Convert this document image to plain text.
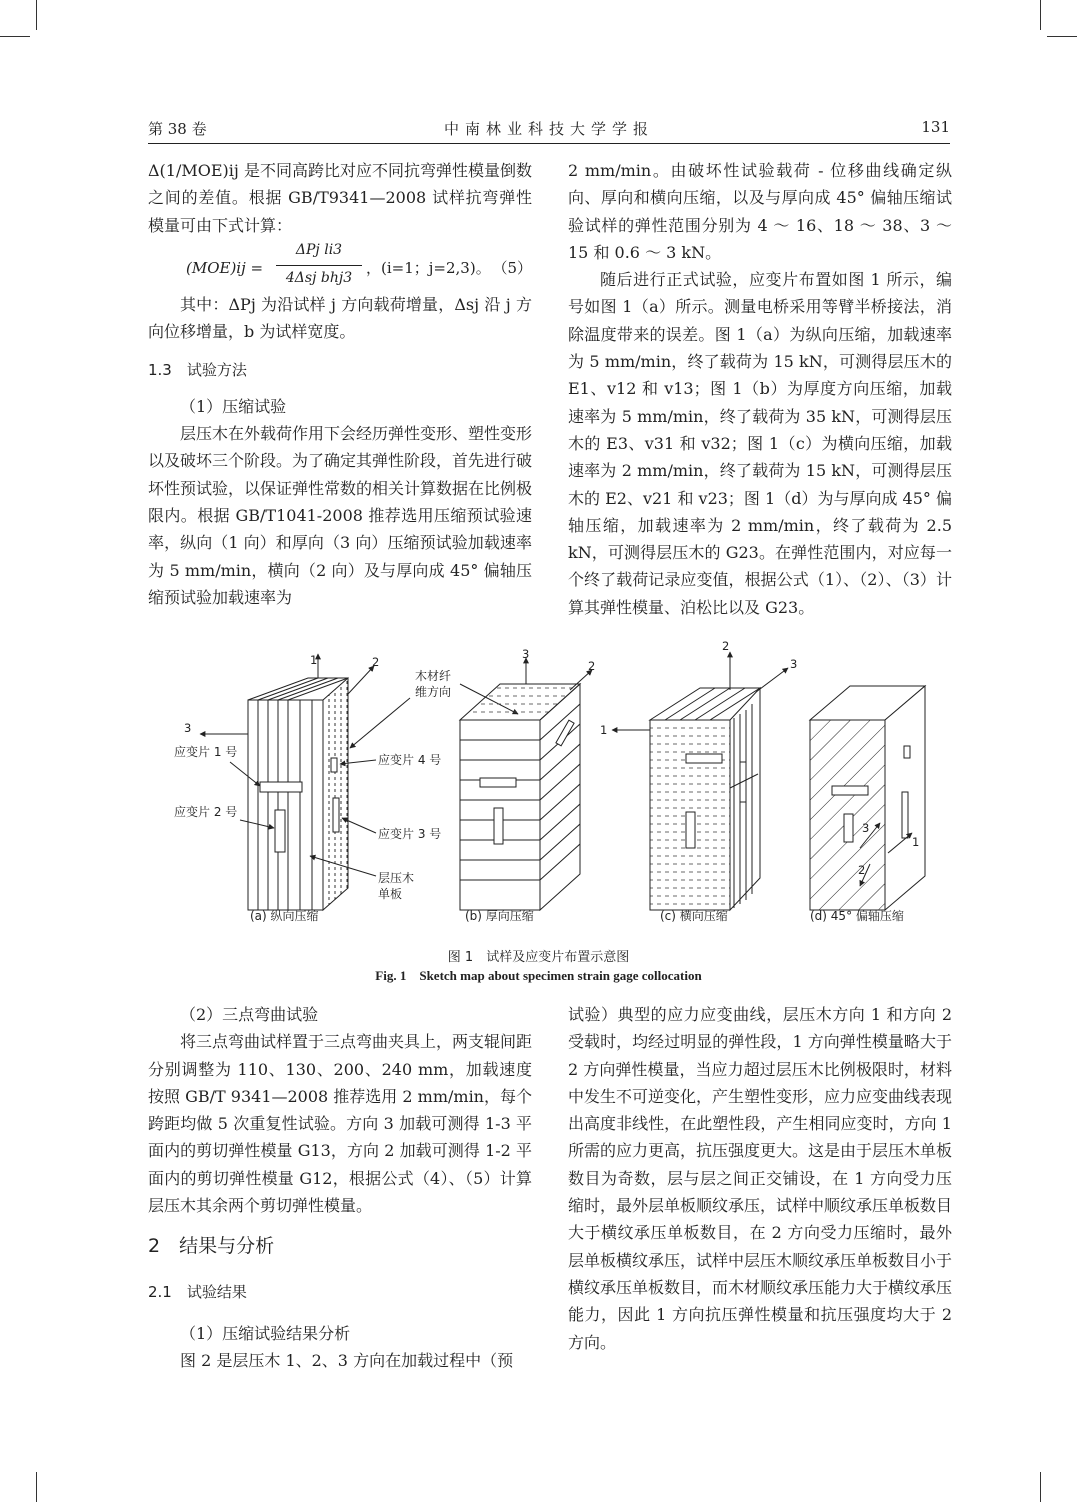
中南林业科技大学学报
第 38 卷	131

Δ(1/MOE)ij 是不同高跨比对应不同抗弯弹性模量倒数之间的差值。根据 GB/T9341—2008 试样抗弯弹性模量可由下式计算：

(MOE)ij =
ΔPj li3
4Δsj bhj3
，(i=1；j=2,3)。 （5）

其中：ΔPj 为沿试样 j 方向载荷增量，Δsj 沿 j 方向位移增量，b 为试样宽度。

1.3　试验方法

（1）压缩试验

层压木在外载荷作用下会经历弹性变形、塑性变形以及破坏三个阶段。为了确定其弹性阶段，首先进行破坏性预试验，以保证弹性常数的相关计算数据在比例极限内。根据 GB/T1041-2008 推荐选用压缩预试验速率，纵向（1 向）和厚向（3 向）压缩预试验加载速率为 5 mm/min，横向（2 向）及与厚向成 45° 偏轴压缩预试验加载速率为

2 mm/min。由破坏性试验载荷 - 位移曲线确定纵向、厚向和横向压缩，以及与厚向成 45° 偏轴压缩试验试样的弹性范围分别为 4 ～ 16、18 ～ 38、3 ～ 15 和 0.6 ～ 3 kN。

随后进行正式试验，应变片布置如图 1 所示，编号如图 1（a）所示。测量电桥采用等臂半桥接法，消除温度带来的误差。图 1（a）为纵向压缩，加载速率为 5 mm/min，终了载荷为 15 kN，可测得层压木的 E1、v12 和 v13；图 1（b）为厚度方向压缩，加载速率为 5 mm/min，终了载荷为 35 kN，可测得层压木的 E3、v31 和 v32；图 1（c）为横向压缩，加载速率为 2 mm/min，终了载荷为 15 kN，可测得层压木的 E2、v21 和 v23；图 1（d）为与厚向成 45° 偏轴压缩，加载速率为 2 mm/min，终了载荷为 2.5 kN，可测得层压木的 G23。在弹性范围内，对应每一个终了载荷记录应变值，根据公式（1）、（2）、（3）计算其弹性模量、泊松比以及 G23。

1	2
3
应变片 1 号
应变片 2 号
应变片 4 号
应变片 3 号
层压木
单板
木材纤
维方向
(a) 纵向压缩
3
2
(b) 厚向压缩
2
3
1
(c) 横向压缩
3
1
2
(d) 45° 偏轴压缩
图 1　试样及应变片布置示意图
Fig. 1　Sketch map about specimen strain gage collocation

（2）三点弯曲试验

将三点弯曲试样置于三点弯曲夹具上，两支辊间距分别调整为 110、130、200、240 mm，加载速度按照 GB/T 9341—2008 推荐选用 2 mm/min，每个跨距均做 5 次重复性试验。方向 3 加载可测得 1-3 平面内的剪切弹性模量 G13，方向 2 加载可测得 1-2 平面内的剪切弹性模量 G12，根据公式（4）、（5）计算层压木其余两个剪切弹性模量。

2　结果与分析

2.1　试验结果

（1）压缩试验结果分析

图 2 是层压木 1、2、3 方向在加载过程中（预

试验）典型的应力应变曲线，层压木方向 1 和方向 2 受载时，均经过明显的弹性段，1 方向弹性模量略大于 2 方向弹性模量，当应力超过层压木比例极限时，材料中发生不可逆变化，产生塑性变形，应力应变曲线表现出高度非线性，在此塑性段，产生相同应变时，方向 1 所需的应力更高，抗压强度更大。这是由于层压木单板数目为奇数，层与层之间正交铺设，在 1 方向受力压缩时，最外层单板顺纹承压，试样中顺纹承压单板数目大于横纹承压单板数目，在 2 方向受力压缩时，最外层单板横纹承压，试样中层压木顺纹承压单板数目小于横纹承压单板数目，而木材顺纹承压能力大于横纹承压能力，因此 1 方向抗压弹性模量和抗压强度均大于 2 方向。
